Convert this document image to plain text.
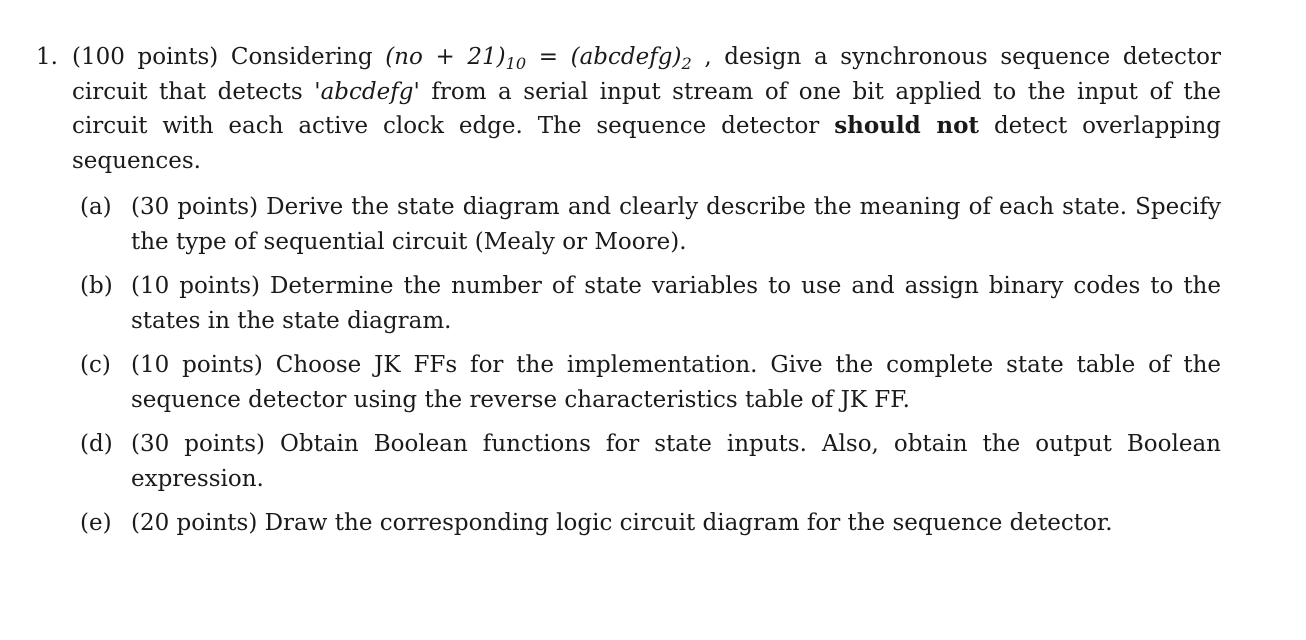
1. (100 points) Considering $(no + 21)_{10}$ = $(abcdefg)_2$ , design a synchronous sequence detector circuit that detects 'abcdefg' from a serial input stream of one bit applied to the input of the circuit with each active clock edge. The sequence detector should not detect overlapping sequences.
(a) (30 points) Derive the state diagram and clearly describe the meaning of each state. Specify the type of sequential circuit (Mealy or Moore).
(b) (10 points) Determine the number of state variables to use and assign binary codes to the states in the state diagram.
(c) (10 points) Choose JK FFs for the implementation. Give the complete state table of the sequence detector using the reverse characteristics table of JK FF.
(d) (30 points) Obtain Boolean functions for state inputs. Also, obtain the output Boolean expression.
(e) (20 points) Draw the corresponding logic circuit diagram for the sequence detector.
